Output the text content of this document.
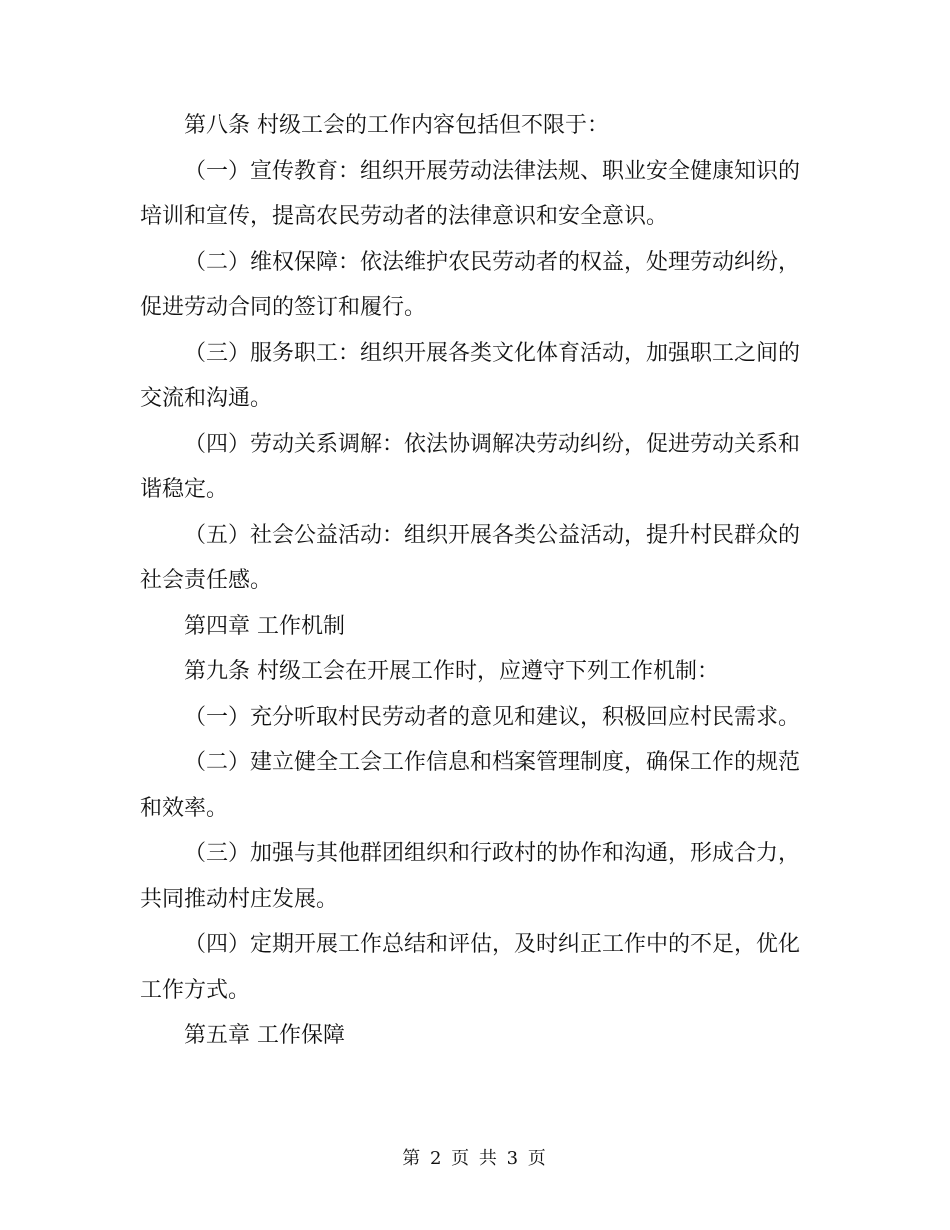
第八条 村级工会的工作内容包括但不限于：

（一）宣传教育：组织开展劳动法律法规、职业安全健康知识的培训和宣传，提高农民劳动者的法律意识和安全意识。

（二）维权保障：依法维护农民劳动者的权益，处理劳动纠纷，促进劳动合同的签订和履行。

（三）服务职工：组织开展各类文化体育活动，加强职工之间的交流和沟通。

（四）劳动关系调解：依法协调解决劳动纠纷，促进劳动关系和谐稳定。

（五）社会公益活动：组织开展各类公益活动，提升村民群众的社会责任感。

第四章 工作机制

第九条 村级工会在开展工作时，应遵守下列工作机制：

（一）充分听取村民劳动者的意见和建议，积极回应村民需求。

（二）建立健全工会工作信息和档案管理制度，确保工作的规范和效率。

（三）加强与其他群团组织和行政村的协作和沟通，形成合力，共同推动村庄发展。

（四）定期开展工作总结和评估，及时纠正工作中的不足，优化工作方式。

第五章 工作保障

第 2 页 共 3 页
